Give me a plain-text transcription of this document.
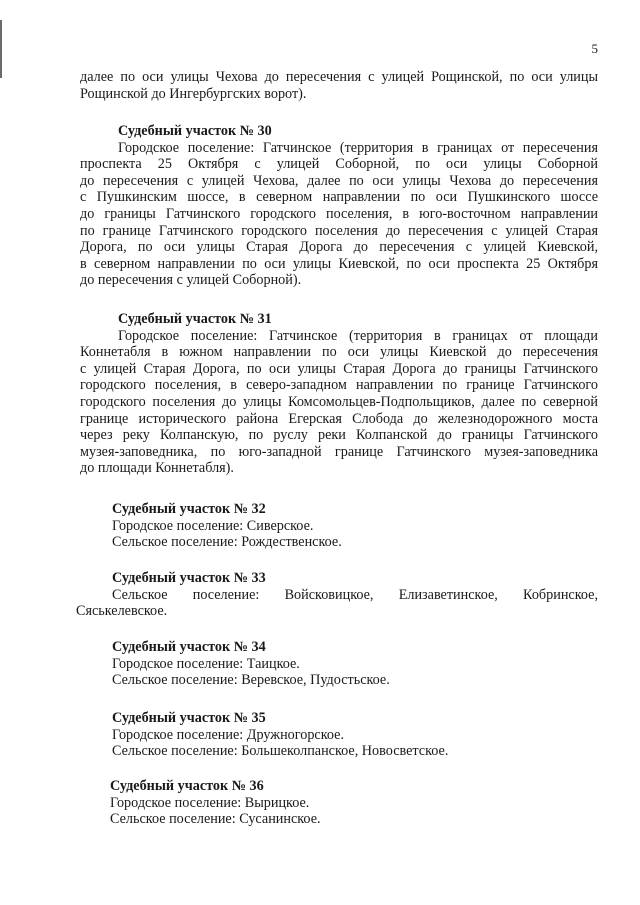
5
далее по оси улицы Чехова до пересечения с улицей Рощинской, по оси улицы
Рощинской до Ингербургских ворот).
Судебный участок № 30
Городское поселение: Гатчинское (территория в границах от пересечения
проспекта 25 Октября с улицей Соборной, по оси улицы Соборной
до пересечения с улицей Чехова, далее по оси улицы Чехова до пересечения
с Пушкинским шоссе, в северном направлении по оси Пушкинского шоссе
до границы Гатчинского городского поселения, в юго-восточном направлении
по границе Гатчинского городского поселения до пересечения с улицей Старая
Дорога, по оси улицы Старая Дорога до пересечения с улицей Киевской,
в северном направлении по оси улицы Киевской, по оси проспекта 25 Октября
до пересечения с улицей Соборной).
Судебный участок № 31
Городское поселение: Гатчинское (территория в границах от площади
Коннетабля в южном направлении по оси улицы Киевской до пересечения
с улицей Старая Дорога, по оси улицы Старая Дорога до границы Гатчинского
городского поселения, в северо-западном направлении по границе Гатчинского
городского поселения до улицы Комсомольцев-Подпольщиков, далее по северной
границе исторического района Егерская Слобода до железнодорожного моста
через реку Колпанскую, по руслу реки Колпанской до границы Гатчинского
музея-заповедника, по юго-западной границе Гатчинского музея-заповедника
до площади Коннетабля).
Судебный участок № 32
Городское поселение: Сиверское.
Сельское поселение: Рождественское.
Судебный участок № 33
Сельское поселение: Войсковицкое, Елизаветинское, Кобринское,
Сяськелевское.
Судебный участок № 34
Городское поселение: Таицкое.
Сельское поселение: Веревское, Пудостьское.
Судебный участок № 35
Городское поселение: Дружногорское.
Сельское поселение: Большеколпанское, Новосветское.
Судебный участок № 36
Городское поселение: Вырицкое.
Сельское поселение: Сусанинское.
